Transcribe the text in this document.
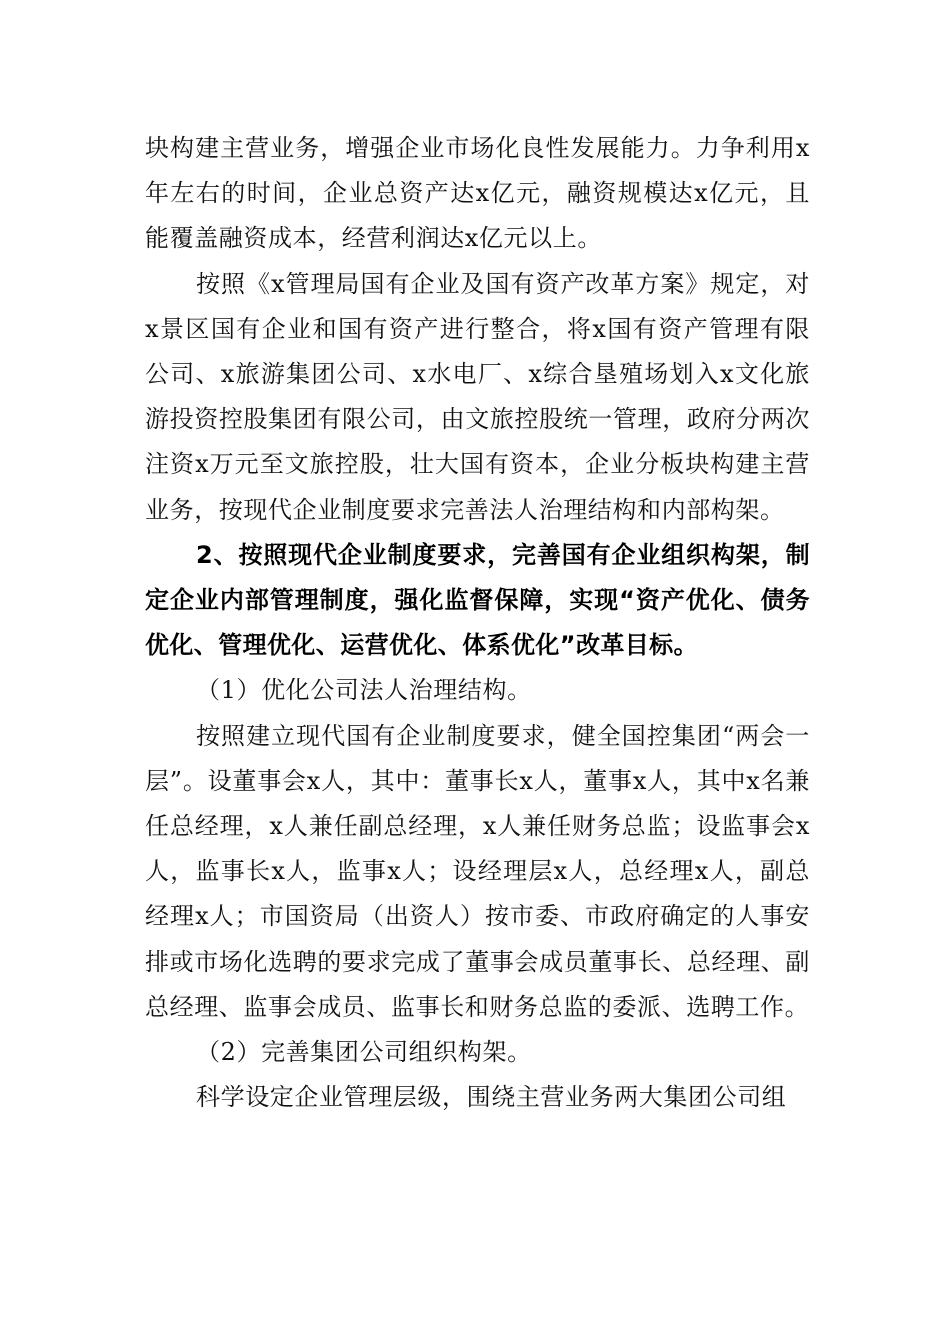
块构建主营业务，增强企业市场化良性发展能力。力争利用x年左右的时间，企业总资产达x亿元，融资规模达x亿元，且能覆盖融资成本，经营利润达x亿元以上。

按照《x管理局国有企业及国有资产改革方案》规定，对x景区国有企业和国有资产进行整合，将x国有资产管理有限公司、x旅游集团公司、x水电厂、x综合垦殖场划入x文化旅游投资控股集团有限公司，由文旅控股统一管理，政府分两次注资x万元至文旅控股，壮大国有资本，企业分板块构建主营业务，按现代企业制度要求完善法人治理结构和内部构架。

2、按照现代企业制度要求，完善国有企业组织构架，制定企业内部管理制度，强化监督保障，实现“资产优化、债务优化、管理优化、运营优化、体系优化”改革目标。

（1）优化公司法人治理结构。

按照建立现代国有企业制度要求，健全国控集团“两会一层”。设董事会x人，其中：董事长x人，董事x人，其中x名兼任总经理，x人兼任副总经理，x人兼任财务总监；设监事会x人，监事长x人，监事x人；设经理层x人，总经理x人，副总经理x人；市国资局（出资人）按市委、市政府确定的人事安排或市场化选聘的要求完成了董事会成员董事长、总经理、副总经理、监事会成员、监事长和财务总监的委派、选聘工作。

（2）完善集团公司组织构架。

科学设定企业管理层级，围绕主营业务两大集团公司组
